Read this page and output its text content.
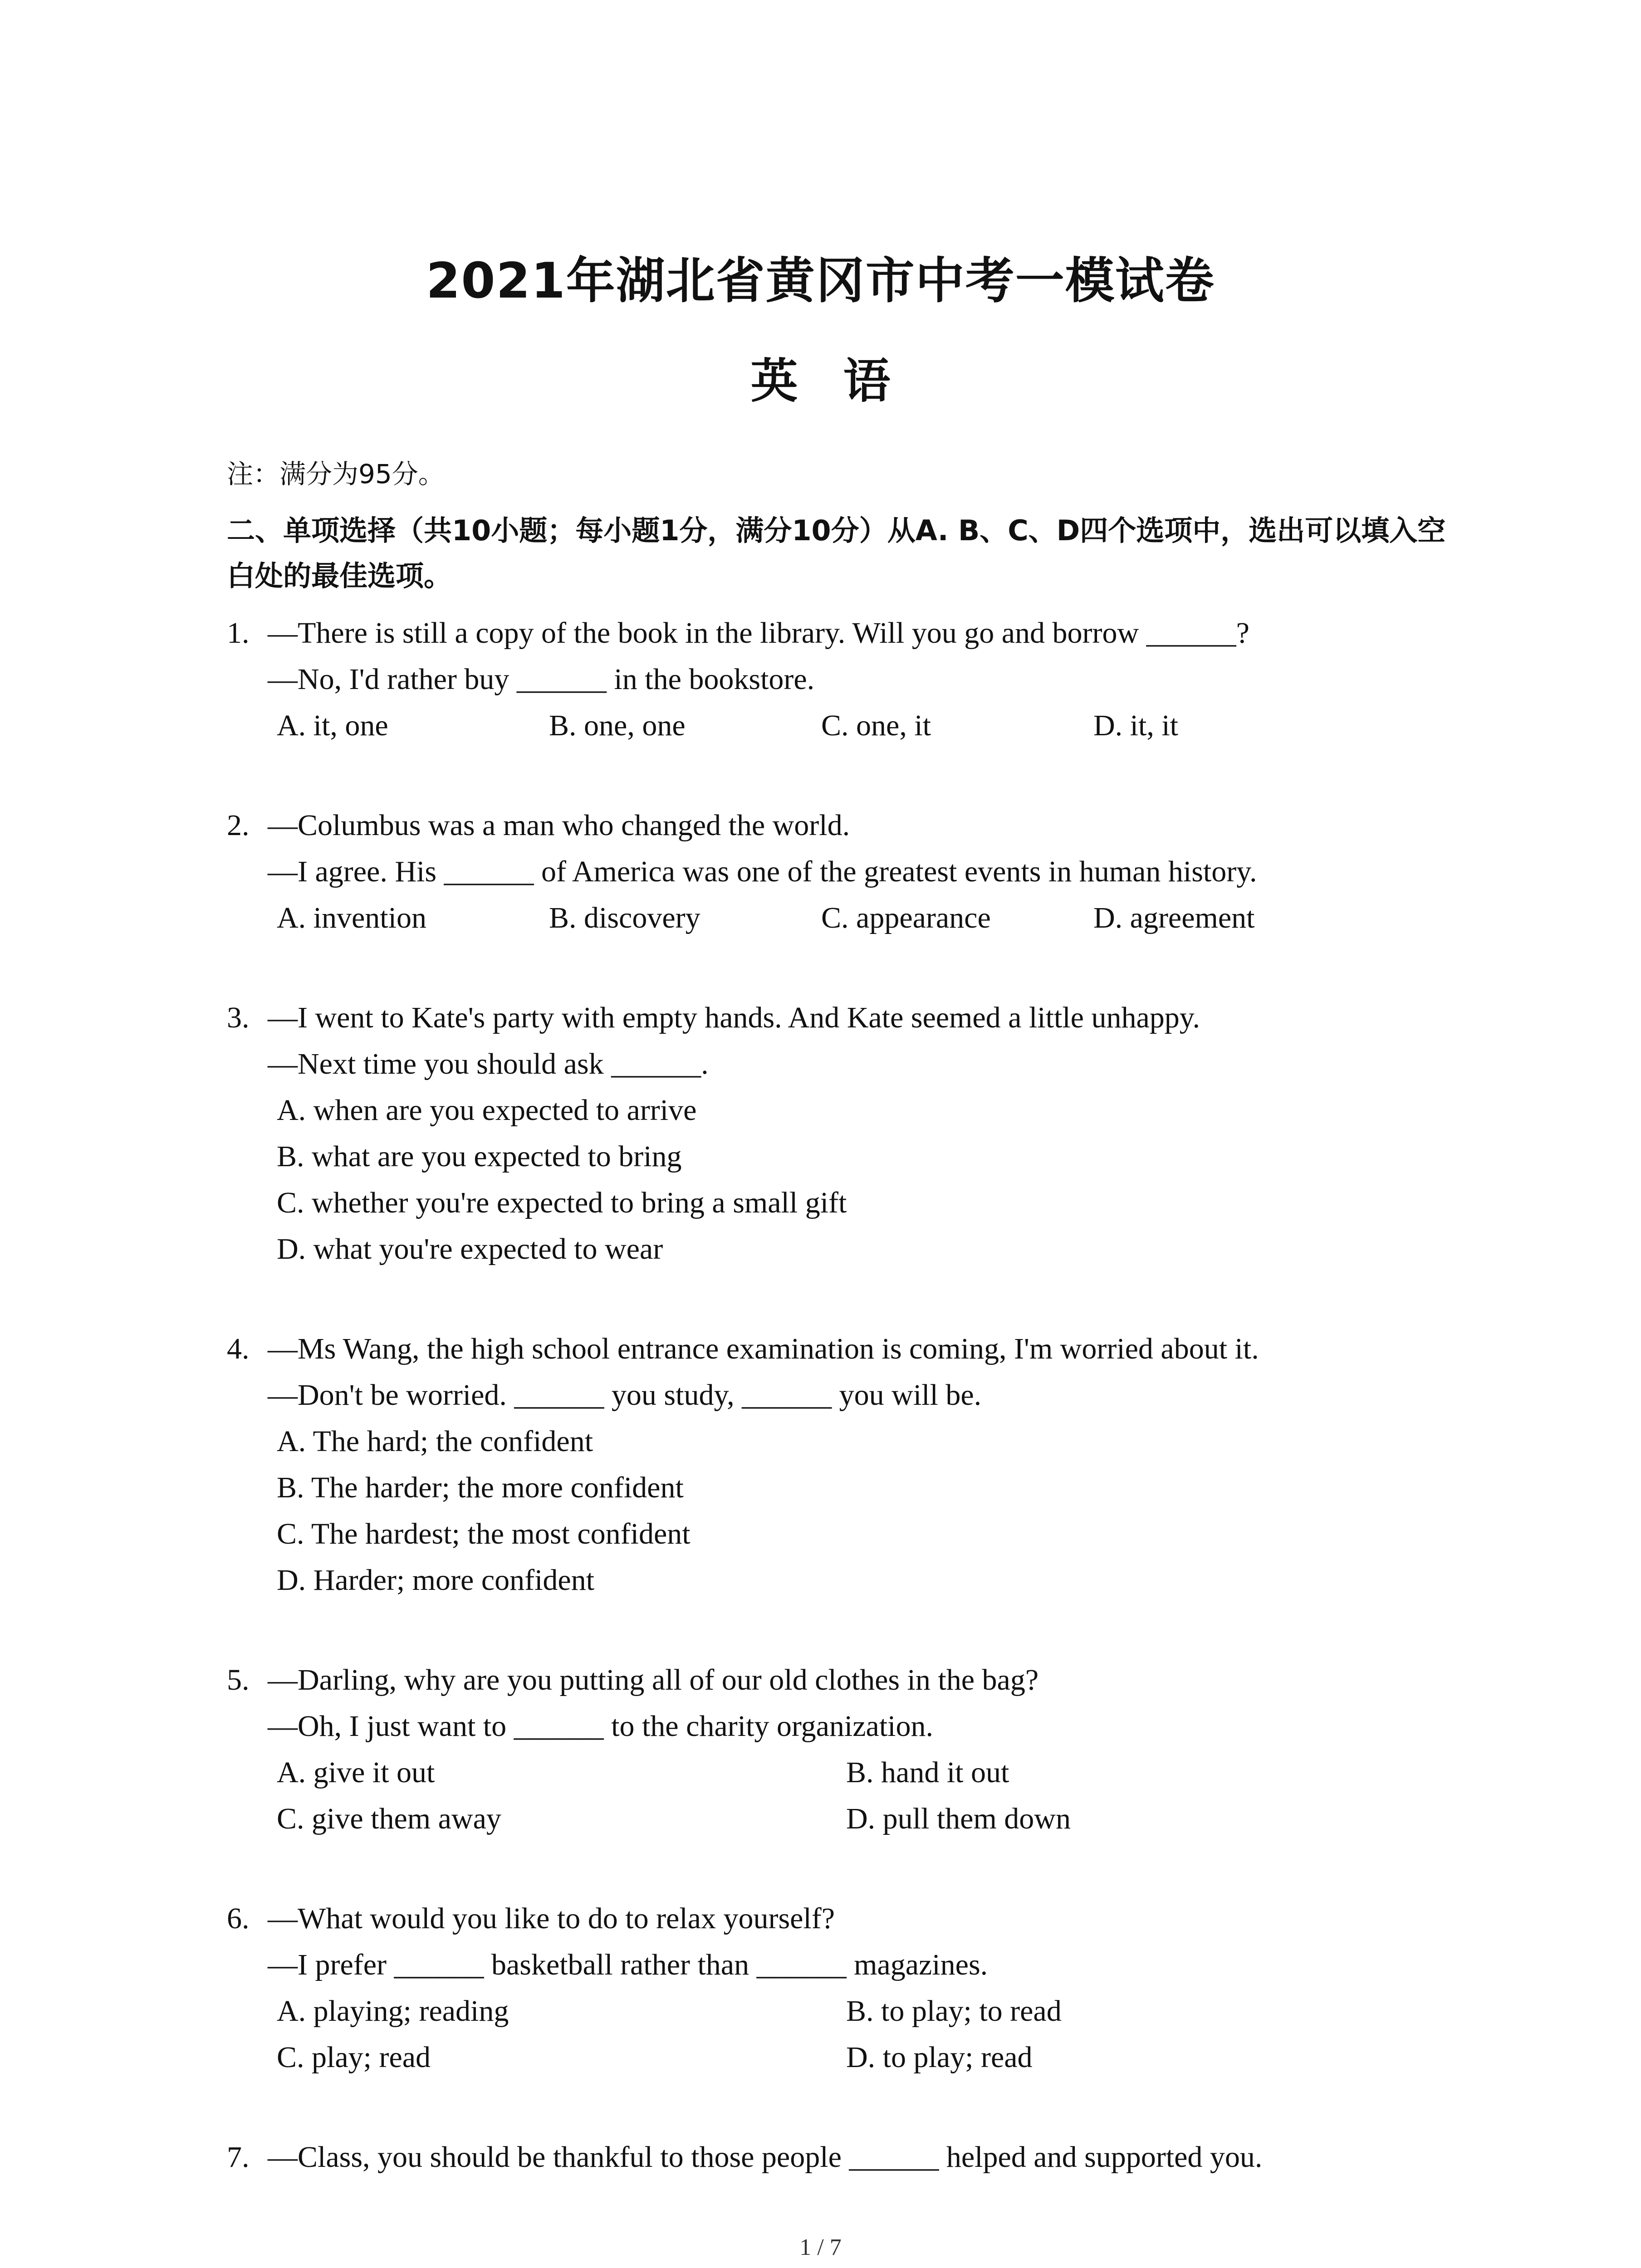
2021年湖北省黄冈市中考一模试卷
英语
注：满分为95分。
二、单项选择（共10小题；每小题1分，满分10分）从A. B、C、D四个选项中，选出可以填入空白处的最佳选项。
1. —There is still a copy of the book in the library. Will you go and borrow ______?
—No, I'd rather buy ______ in the bookstore.
A. it, one	B. one, one	C. one, it	D. it, it
2. —Columbus was a man who changed the world.
—I agree. His ______ of America was one of the greatest events in human history.
A. invention	B. discovery	C. appearance	D. agreement
3. —I went to Kate's party with empty hands. And Kate seemed a little unhappy.
—Next time you should ask ______.
A. when are you expected to arrive
B. what are you expected to bring
C. whether you're expected to bring a small gift
D. what you're expected to wear
4. —Ms Wang, the high school entrance examination is coming, I'm worried about it.
—Don't be worried. ______ you study, ______ you will be.
A. The hard; the confident
B. The harder; the more confident
C. The hardest; the most confident
D. Harder; more confident
5. —Darling, why are you putting all of our old clothes in the bag?
—Oh, I just want to ______ to the charity organization.
A. give it out	B. hand it out
C. give them away	D. pull them down
6. —What would you like to do to relax yourself?
—I prefer ______ basketball rather than ______ magazines.
A. playing; reading	B. to play; to read
C. play; read	D. to play; read
7. —Class, you should be thankful to those people ______ helped and supported you.
1 / 7
